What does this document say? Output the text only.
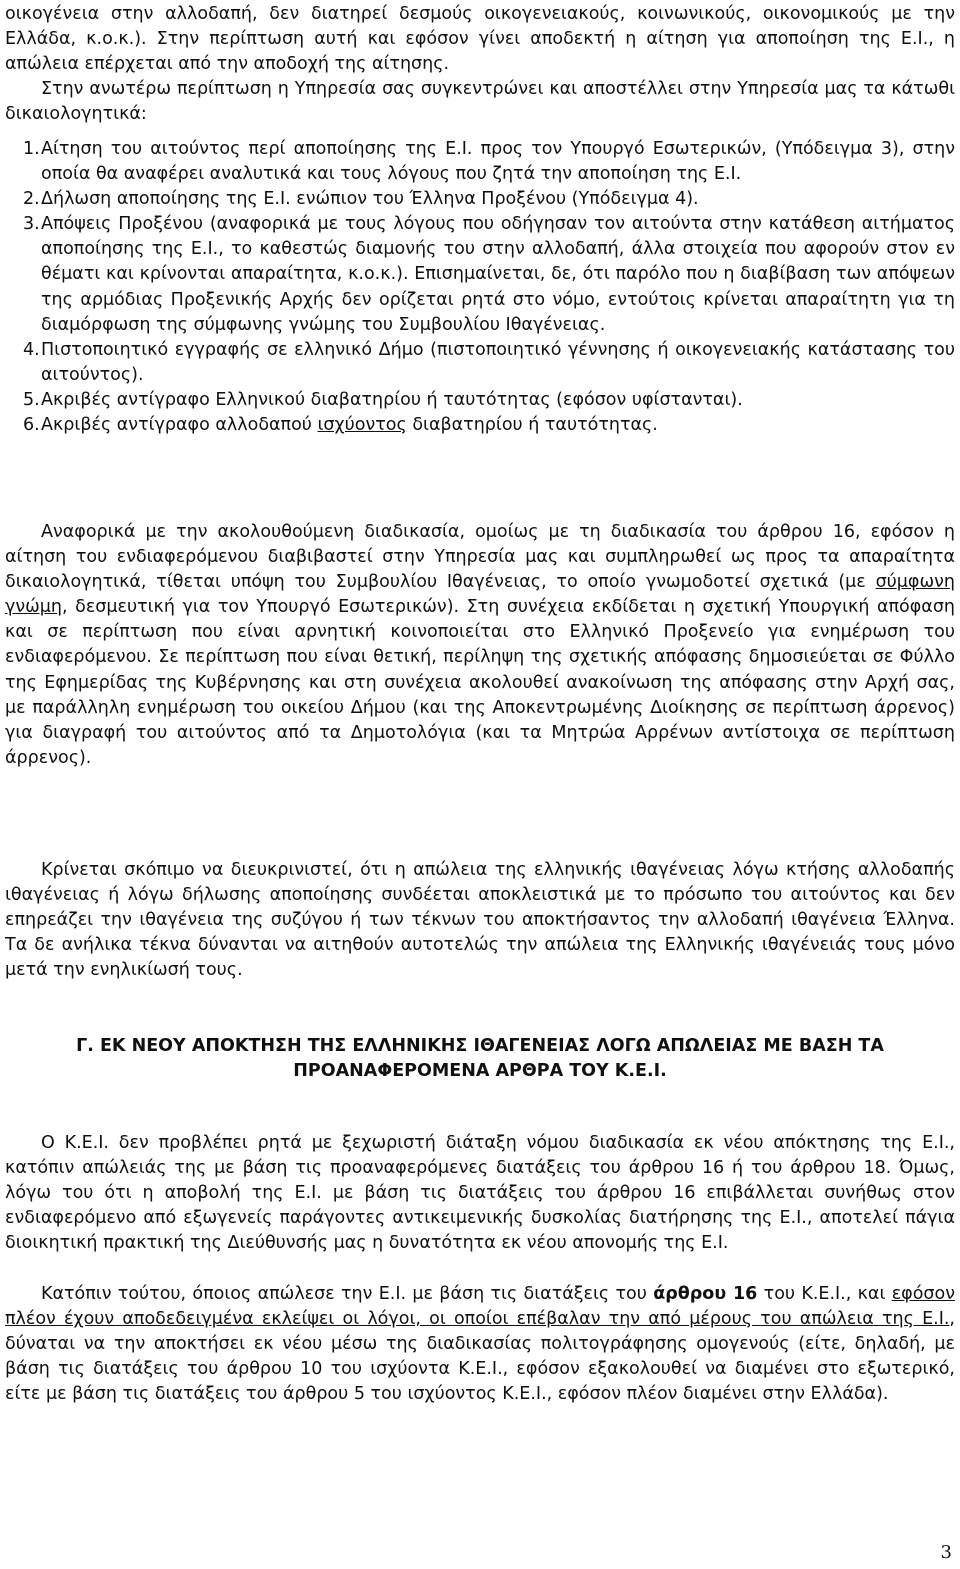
οικογένεια στην αλλοδαπή, δεν διατηρεί δεσμούς οικογενειακούς, κοινωνικούς, οικονομικούς με την Ελλάδα, κ.ο.κ.). Στην περίπτωση αυτή και εφόσον γίνει αποδεκτή η αίτηση για αποποίηση της Ε.Ι., η απώλεια επέρχεται από την αποδοχή της αίτησης.

Στην ανωτέρω περίπτωση η Υπηρεσία σας συγκεντρώνει και αποστέλλει στην Υπηρεσία μας τα κάτωθι δικαιολογητικά:

1. Αίτηση του αιτούντος περί αποποίησης της Ε.Ι. προς τον Υπουργό Εσωτερικών, (Υπόδειγμα 3), στην οποία θα αναφέρει αναλυτικά και τους λόγους που ζητά την αποποίηση της Ε.Ι.
2. Δήλωση αποποίησης της Ε.Ι. ενώπιον του Έλληνα Προξένου (Υπόδειγμα 4).
3. Απόψεις Προξένου (αναφορικά με τους λόγους που οδήγησαν τον αιτούντα στην κατάθεση αιτήματος αποποίησης της Ε.Ι., το καθεστώς διαμονής του στην αλλοδαπή, άλλα στοιχεία που αφορούν στον εν θέματι και κρίνονται απαραίτητα, κ.ο.κ.). Επισημαίνεται, δε, ότι παρόλο που η διαβίβαση των απόψεων της αρμόδιας Προξενικής Αρχής δεν ορίζεται ρητά στο νόμο, εντούτοις κρίνεται απαραίτητη για τη διαμόρφωση της σύμφωνης γνώμης του Συμβουλίου Ιθαγένειας.
4. Πιστοποιητικό εγγραφής σε ελληνικό Δήμο (πιστοποιητικό γέννησης ή οικογενειακής κατάστασης του αιτούντος).
5. Ακριβές αντίγραφο Ελληνικού διαβατηρίου ή ταυτότητας (εφόσον υφίστανται).
6. Ακριβές αντίγραφο αλλοδαπού ισχύοντος διαβατηρίου ή ταυτότητας.

Αναφορικά με την ακολουθούμενη διαδικασία, ομοίως με τη διαδικασία του άρθρου 16, εφόσον η αίτηση του ενδιαφερόμενου διαβιβαστεί στην Υπηρεσία μας και συμπληρωθεί ως προς τα απαραίτητα δικαιολογητικά, τίθεται υπόψη του Συμβουλίου Ιθαγένειας, το οποίο γνωμοδοτεί σχετικά (με σύμφωνη γνώμη, δεσμευτική για τον Υπουργό Εσωτερικών). Στη συνέχεια εκδίδεται η σχετική Υπουργική απόφαση και σε περίπτωση που είναι αρνητική κοινοποιείται στο Ελληνικό Προξενείο για ενημέρωση του ενδιαφερόμενου. Σε περίπτωση που είναι θετική, περίληψη της σχετικής απόφασης δημοσιεύεται σε Φύλλο της Εφημερίδας της Κυβέρνησης και στη συνέχεια ακολουθεί ανακοίνωση της απόφασης στην Αρχή σας, με παράλληλη ενημέρωση του οικείου Δήμου (και της Αποκεντρωμένης Διοίκησης σε περίπτωση άρρενος) για διαγραφή του αιτούντος από τα Δημοτολόγια (και τα Μητρώα Αρρένων αντίστοιχα σε περίπτωση άρρενος).

Κρίνεται σκόπιμο να διευκρινιστεί, ότι η απώλεια της ελληνικής ιθαγένειας λόγω κτήσης αλλοδαπής ιθαγένειας ή λόγω δήλωσης αποποίησης συνδέεται αποκλειστικά με το πρόσωπο του αιτούντος και δεν επηρεάζει την ιθαγένεια της συζύγου ή των τέκνων του αποκτήσαντος την αλλοδαπή ιθαγένεια Έλληνα. Τα δε ανήλικα τέκνα δύνανται να αιτηθούν αυτοτελώς την απώλεια της Ελληνικής ιθαγένειάς τους μόνο μετά την ενηλικίωσή τους.

Γ. ΕΚ ΝΕΟΥ ΑΠΟΚΤΗΣΗ ΤΗΣ ΕΛΛΗΝΙΚΗΣ ΙΘΑΓΕΝΕΙΑΣ ΛΟΓΩ ΑΠΩΛΕΙΑΣ ΜΕ ΒΑΣΗ ΤΑ
ΠΡΟΑΝΑΦΕΡΟΜΕΝΑ ΑΡΘΡΑ ΤΟΥ Κ.Ε.Ι.

Ο Κ.Ε.Ι. δεν προβλέπει ρητά με ξεχωριστή διάταξη νόμου διαδικασία εκ νέου απόκτησης της Ε.Ι., κατόπιν απώλειάς της με βάση τις προαναφερόμενες διατάξεις του άρθρου 16 ή του άρθρου 18. Όμως, λόγω του ότι η αποβολή της Ε.Ι. με βάση τις διατάξεις του άρθρου 16 επιβάλλεται συνήθως στον ενδιαφερόμενο από εξωγενείς παράγοντες αντικειμενικής δυσκολίας διατήρησης της Ε.Ι., αποτελεί πάγια διοικητική πρακτική της Διεύθυνσής μας η δυνατότητα εκ νέου απονομής της Ε.Ι.

Κατόπιν τούτου, όποιος απώλεσε την Ε.Ι. με βάση τις διατάξεις του άρθρου 16 του Κ.Ε.Ι., και εφόσον πλέον έχουν αποδεδειγμένα εκλείψει οι λόγοι, οι οποίοι επέβαλαν την από μέρους του απώλεια της Ε.Ι., δύναται να την αποκτήσει εκ νέου μέσω της διαδικασίας πολιτογράφησης ομογενούς (είτε, δηλαδή, με βάση τις διατάξεις του άρθρου 10 του ισχύοντα Κ.Ε.Ι., εφόσον εξακολουθεί να διαμένει στο εξωτερικό, είτε με βάση τις διατάξεις του άρθρου 5 του ισχύοντος Κ.Ε.Ι., εφόσον πλέον διαμένει στην Ελλάδα).

3
